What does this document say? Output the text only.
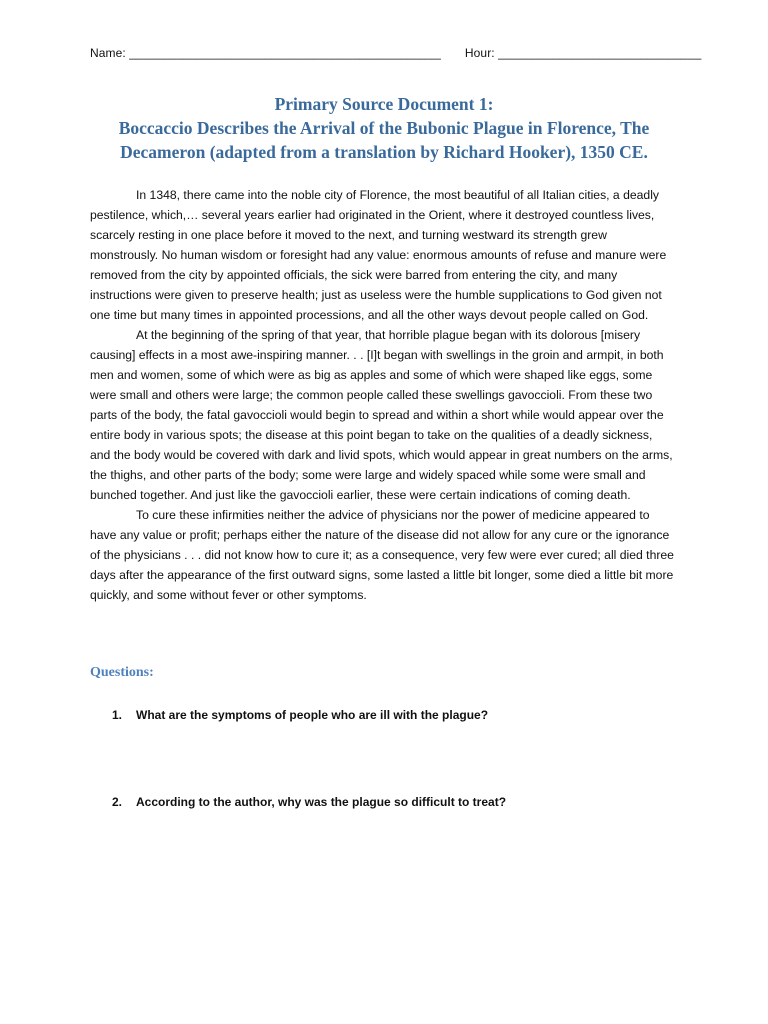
Name: ______________________________________________ Hour: ______________________________
Primary Source Document 1:
Boccaccio Describes the Arrival of the Bubonic Plague in Florence, The
Decameron (adapted from a translation by Richard Hooker), 1350 CE.

In 1348, there came into the noble city of Florence, the most beautiful of all Italian cities, a deadly pestilence, which,… several years earlier had originated in the Orient, where it destroyed countless lives, scarcely resting in one place before it moved to the next, and turning westward its strength grew monstrously. No human wisdom or foresight had any value: enormous amounts of refuse and manure were removed from the city by appointed officials, the sick were barred from entering the city, and many instructions were given to preserve health; just as useless were the humble supplications to God given not one time but many times in appointed processions, and all the other ways devout people called on God.

At the beginning of the spring of that year, that horrible plague began with its dolorous [misery causing] effects in a most awe-inspiring manner. . . [I]t began with swellings in the groin and armpit, in both men and women, some of which were as big as apples and some of which were shaped like eggs, some were small and others were large; the common people called these swellings gavoccioli. From these two parts of the body, the fatal gavoccioli would begin to spread and within a short while would appear over the entire body in various spots; the disease at this point began to take on the qualities of a deadly sickness, and the body would be covered with dark and livid spots, which would appear in great numbers on the arms, the thighs, and other parts of the body; some were large and widely spaced while some were small and bunched together. And just like the gavoccioli earlier, these were certain indications of coming death.

To cure these infirmities neither the advice of physicians nor the power of medicine appeared to have any value or profit; perhaps either the nature of the disease did not allow for any cure or the ignorance of the physicians . . . did not know how to cure it; as a consequence, very few were ever cured; all died three days after the appearance of the first outward signs, some lasted a little bit longer, some died a little bit more quickly, and some without fever or other symptoms.

Questions:
1. What are the symptoms of people who are ill with the plague?
2. According to the author, why was the plague so difficult to treat?
